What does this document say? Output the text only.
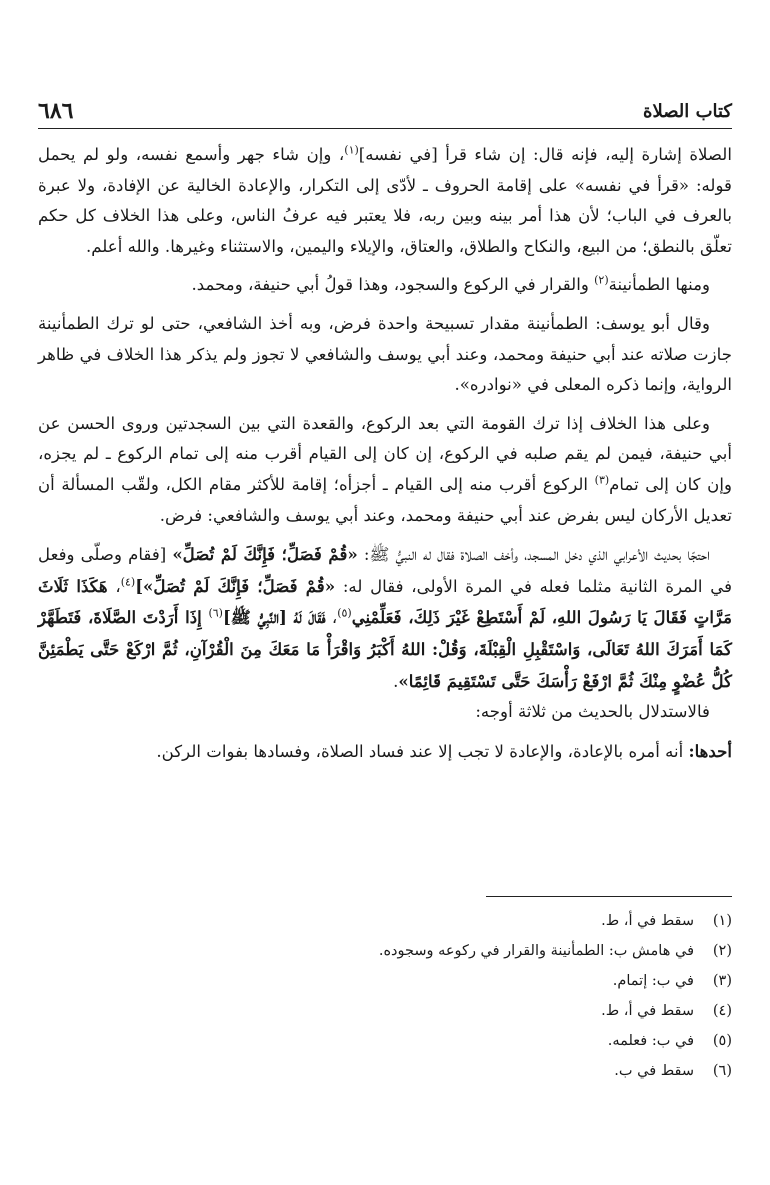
كتاب الصلاة
٦٨٦

الصلاة إشارة إليه، فإنه قال: إن شاء قرأ [في نفسه]$^{(١)}$، وإن شاء جهر وأسمع نفسه، ولو لم يحمل قوله: «قرأ في نفسه» على إقامة الحروف ـ لأدّى إلى التكرار، والإعادة الخالية عن الإفادة، ولا عبرة بالعرف في الباب؛ لأن هذا أمر بينه وبين ربه، فلا يعتبر فيه عرفُ الناس، وعلى هذا الخلاف كل حكم تعلّق بالنطق؛ من البيع، والنكاح والطلاق، والعتاق، والإيلاء واليمين، والاستثناء وغيرها. والله أعلم.

ومنها الطمأنينة$^{(٢)}$ والقرار في الركوع والسجود، وهذا قولُ أبي حنيفة، ومحمد.

وقال أبو يوسف: الطمأنينة مقدار تسبيحة واحدة فرض، وبه أخذ الشافعي، حتى لو ترك الطمأنينة جازت صلاته عند أبي حنيفة ومحمد، وعند أبي يوسف والشافعي لا تجوز ولم يذكر هذا الخلاف في ظاهر الرواية، وإنما ذكره المعلى في «نوادره».

وعلى هذا الخلاف إذا ترك القومة التي بعد الركوع، والقعدة التي بين السجدتين وروى الحسن عن أبي حنيفة، فيمن لم يقم صلبه في الركوع، إن كان إلى القيام أقرب منه إلى تمام الركوع ـ لم يجزه، وإن كان إلى تمام$^{(٣)}$ الركوع أقرب منه إلى القيام ـ أجزأه؛ إقامة للأكثر مقام الكل، ولقّب المسألة أن تعديل الأركان ليس بفرض عند أبي حنيفة ومحمد، وعند أبي يوسف والشافعي: فرض.

احتجّا بحديث الأعرابي الذي دخل المسجد، وأخف الصلاة فقال له النبيُّ ﷺ: «قُمْ فَصَلِّ؛ فَإِنَّكَ لَمْ تُصَلِّ» [فقام وصلّى وفعل في المرة الثانية مثلما فعله في المرة الأولى، فقال له: «قُمْ فَصَلِّ؛ فَإِنَّكَ لَمْ تُصَلِّ»]$^{(٤)}$، هَكَذَا ثَلَاثَ مَرَّاتٍ فَقَالَ يَا رَسُولَ اللهِ، لَمْ أَسْتَطِعْ غَيْرَ ذَلِكَ، فَعَلِّمْنِي$^{(٥)}$، فَقَالَ لَهُ [النَّبِيُّ ﷺ]$^{(٦)}$ إِذَا أَرَدْتَ الصَّلَاةَ، فَتَطَهَّرْ كَمَا أَمَرَكَ اللهُ تَعَالَى، وَاسْتَقْبِلِ الْقِبْلَةَ، وَقُلْ: اللهُ أَكْبَرُ وَاقْرَأْ مَا مَعَكَ مِنَ الْقُرْآنِ، ثُمَّ ارْكَعْ حَتَّى يَطْمَئِنَّ كُلُّ عُضْوٍ مِنْكَ ثُمَّ ارْفَعْ رَأْسَكَ حَتَّى تَسْتَقِيمَ قَائِمًا».

فالاستدلال بالحديث من ثلاثة أوجه:

أحدها: أنه أمره بالإعادة، والإعادة لا تجب إلا عند فساد الصلاة، وفسادها بفوات الركن.

(١)
سقط في أ، ط.
(٢)
في هامش ب: الطمأنينة والقرار في ركوعه وسجوده.
(٣)
في ب: إتمام.
(٤)
سقط في أ، ط.
(٥)
في ب: فعلمه.
(٦)
سقط في ب.
